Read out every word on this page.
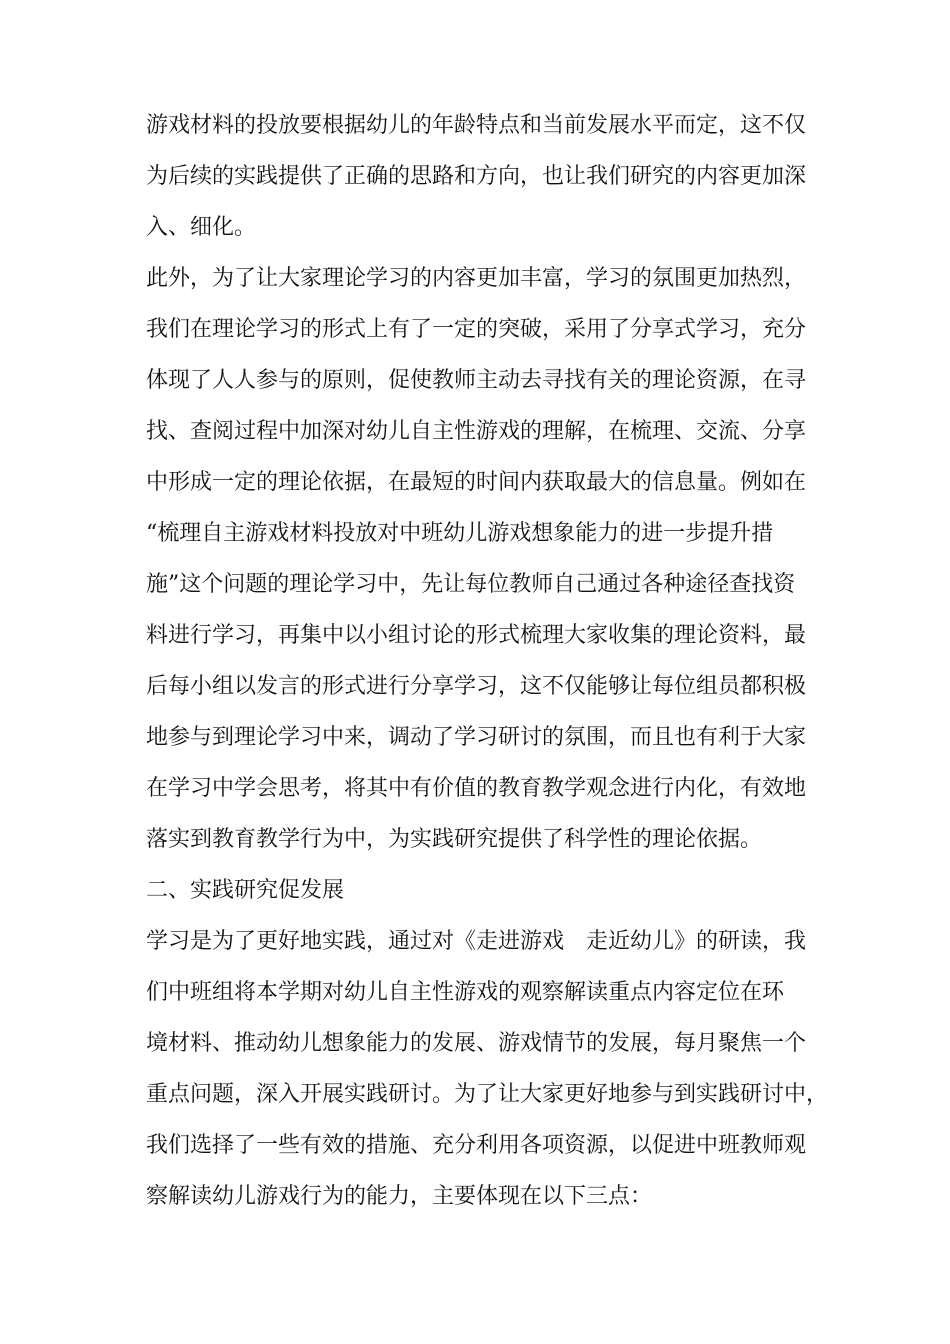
游戏材料的投放要根据幼儿的年龄特点和当前发展水平而定，这不仅
为后续的实践提供了正确的思路和方向，也让我们研究的内容更加深
入、细化。
此外，为了让大家理论学习的内容更加丰富，学习的氛围更加热烈，
我们在理论学习的形式上有了一定的突破，采用了分享式学习，充分
体现了人人参与的原则，促使教师主动去寻找有关的理论资源，在寻
找、查阅过程中加深对幼儿自主性游戏的理解，在梳理、交流、分享
中形成一定的理论依据，在最短的时间内获取最大的信息量。例如在
“梳理自主游戏材料投放对中班幼儿游戏想象能力的进一步提升措
施”这个问题的理论学习中，先让每位教师自己通过各种途径查找资
料进行学习，再集中以小组讨论的形式梳理大家收集的理论资料，最
后每小组以发言的形式进行分享学习，这不仅能够让每位组员都积极
地参与到理论学习中来，调动了学习研讨的氛围，而且也有利于大家
在学习中学会思考，将其中有价值的教育教学观念进行内化，有效地
落实到教育教学行为中，为实践研究提供了科学性的理论依据。
二、实践研究促发展
学习是为了更好地实践，通过对《走进游戏　走近幼儿》的研读，我
们中班组将本学期对幼儿自主性游戏的观察解读重点内容定位在环
境材料、推动幼儿想象能力的发展、游戏情节的发展，每月聚焦一个
重点问题，深入开展实践研讨。为了让大家更好地参与到实践研讨中，
我们选择了一些有效的措施、充分利用各项资源，以促进中班教师观
察解读幼儿游戏行为的能力，主要体现在以下三点：
